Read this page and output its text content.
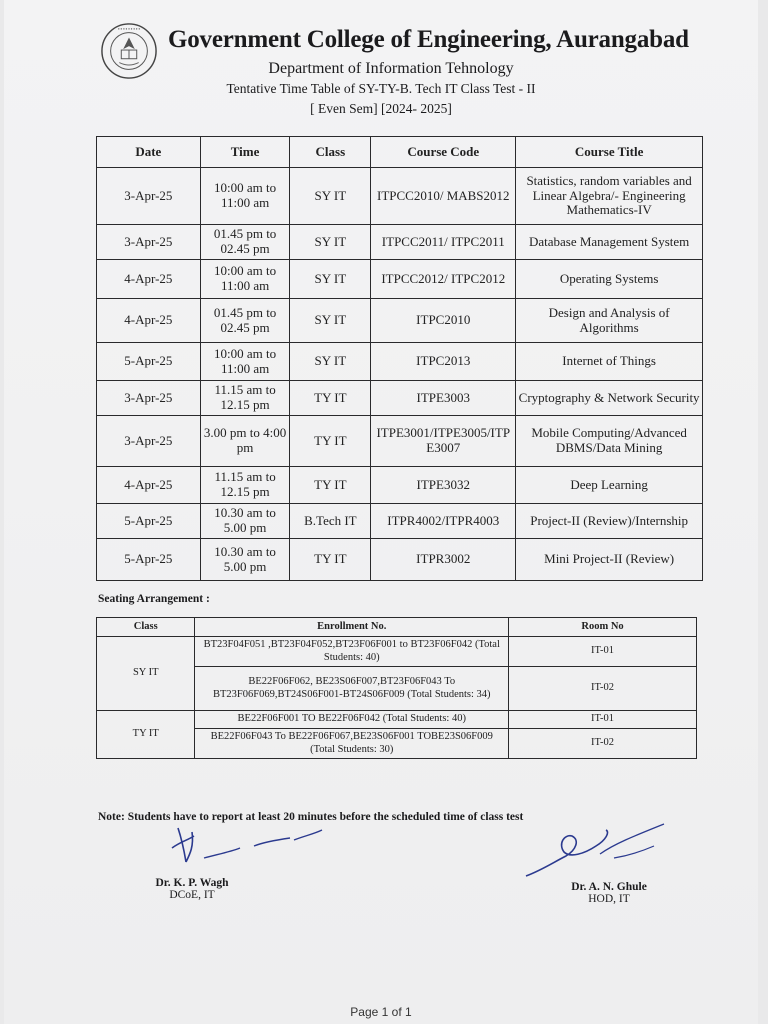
••••••••• Government College of Engineering, Aurangabad
Department of Information Tehnology
Tentative Time Table of SY-TY-B. Tech IT Class Test - II
[ Even Sem] [2024- 2025]
Date	Time	Class	Course Code	Course Title
3-Apr-25	10:00 am to 11:00 am	SY IT	ITPCC2010/ MABS2012	Statistics, random variables and Linear Algebra/- Engineering Mathematics-IV
3-Apr-25	01.45 pm to 02.45 pm	SY IT	ITPCC2011/ ITPC2011	Database Management System
4-Apr-25	10:00 am to 11:00 am	SY IT	ITPCC2012/ ITPC2012	Operating Systems
4-Apr-25	01.45 pm to 02.45 pm	SY IT	ITPC2010	Design and Analysis of Algorithms
5-Apr-25	10:00 am to 11:00 am	SY IT	ITPC2013	Internet of Things
3-Apr-25	11.15 am to 12.15 pm	TY IT	ITPE3003	Cryptography & Network Security
3-Apr-25	3.00 pm to 4:00 pm	TY IT	ITPE3001/ITPE3005/ITP E3007	Mobile Computing/Advanced DBMS/Data Mining
4-Apr-25	11.15 am to 12.15 pm	TY IT	ITPE3032	Deep Learning
5-Apr-25	10.30 am to 5.00 pm	B.Tech IT	ITPR4002/ITPR4003	Project-II (Review)/Internship
5-Apr-25	10.30 am to 5.00 pm	TY IT	ITPR3002	Mini Project-II (Review)
Seating Arrangement :
Class	Enrollment No.	Room No
SY IT	BT23F04F051 ,BT23F04F052,BT23F06F001 to BT23F06F042 (Total Students: 40)	IT-01
	BE22F06F062, BE23S06F007,BT23F06F043 To BT23F06F069,BT24S06F001-BT24S06F009 (Total Students: 34)	IT-02
TY IT	BE22F06F001 TO BE22F06F042 (Total Students: 40)	IT-01
	BE22F06F043 To BE22F06F067,BE23S06F001 TOBE23S06F009 (Total Students: 30)	IT-02
Note: Students have to report at least 20 minutes before the scheduled time of class test
Dr. K. P. Wagh
DCoE, IT
Dr. A. N. Ghule
HOD, IT
Page 1 of 1
